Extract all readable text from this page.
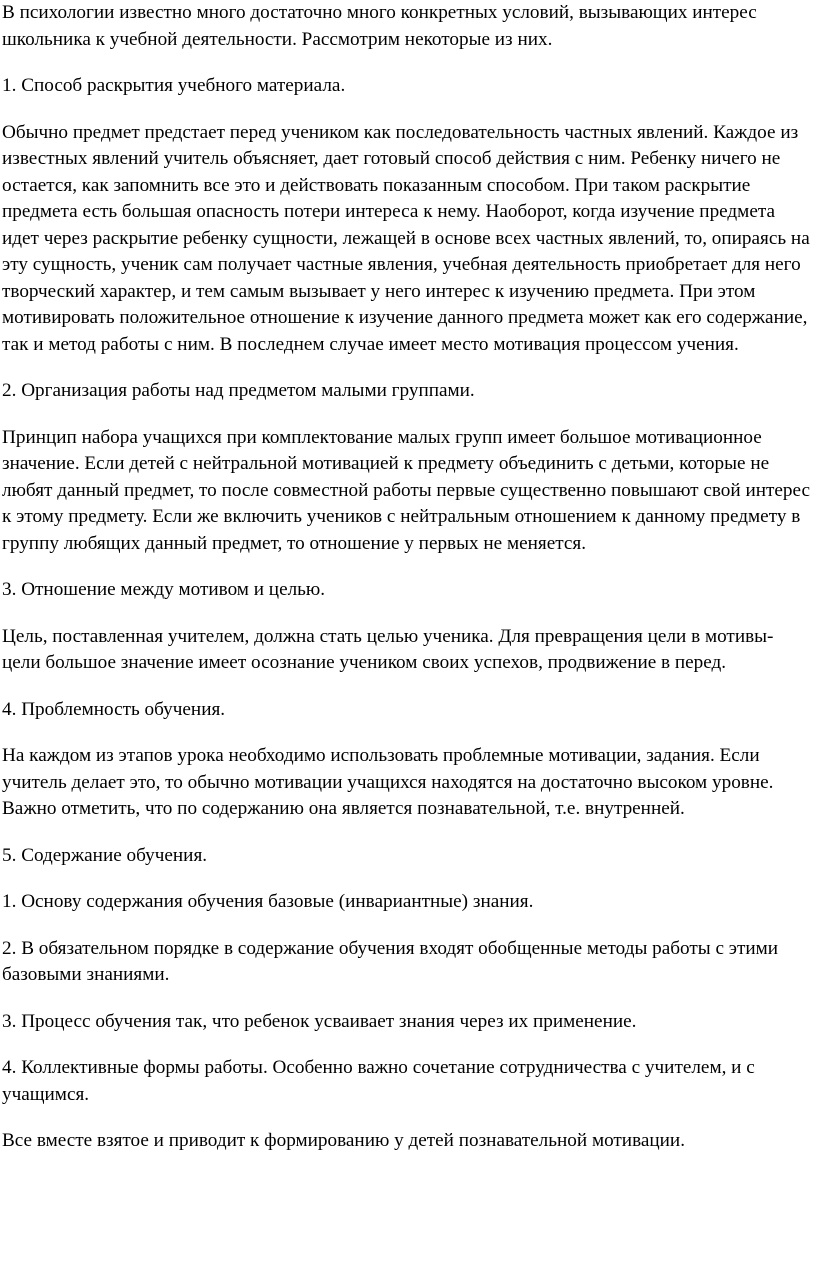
В психологии известно много достаточно много конкретных условий, вызывающих интерес школьника к учебной деятельности. Рассмотрим некоторые из них.

1. Способ раскрытия учебного материала.

Обычно предмет предстает перед учеником как последовательность частных явлений. Каждое из известных явлений учитель объясняет, дает готовый способ действия с ним. Ребенку ничего не остается, как запомнить все это и действовать показанным способом. При таком раскрытие предмета есть большая опасность потери интереса к нему. Наоборот, когда изучение предмета идет через раскрытие ребенку сущности, лежащей в основе всех частных явлений, то, опираясь на эту сущность, ученик сам получает частные явления, учебная деятельность приобретает для него творческий характер, и тем самым вызывает у него интерес к изучению предмета. При этом мотивировать положительное отношение к изучение данного предмета может как его содержание, так и метод работы с ним. В последнем случае имеет место мотивация процессом учения.

2. Организация работы над предметом малыми группами.

Принцип набора учащихся при комплектование малых групп имеет большое мотивационное значение. Если детей с нейтральной мотивацией к предмету объединить с детьми, которые не любят данный предмет, то после совместной работы первые существенно повышают свой интерес к этому предмету. Если же включить учеников с нейтральным отношением к данному предмету в группу любящих данный предмет, то отношение у первых не меняется.

3. Отношение между мотивом и целью.

Цель, поставленная учителем, должна стать целью ученика. Для превращения цели в мотивы-цели большое значение имеет осознание учеником своих успехов, продвижение в перед.

4. Проблемность обучения.

На каждом из этапов урока необходимо использовать проблемные мотивации, задания. Если учитель делает это, то обычно мотивации учащихся находятся на достаточно высоком уровне. Важно отметить, что по содержанию она является познавательной, т.е. внутренней.

5. Содержание обучения.

1. Основу содержания обучения базовые (инвариантные) знания.

2. В обязательном порядке в содержание обучения входят обобщенные методы работы с этими базовыми знаниями.

3. Процесс обучения так, что ребенок усваивает знания через их применение.

4. Коллективные формы работы. Особенно важно сочетание сотрудничества с учителем, и с учащимся.

Все вместе взятое и приводит к формированию у детей познавательной мотивации.
